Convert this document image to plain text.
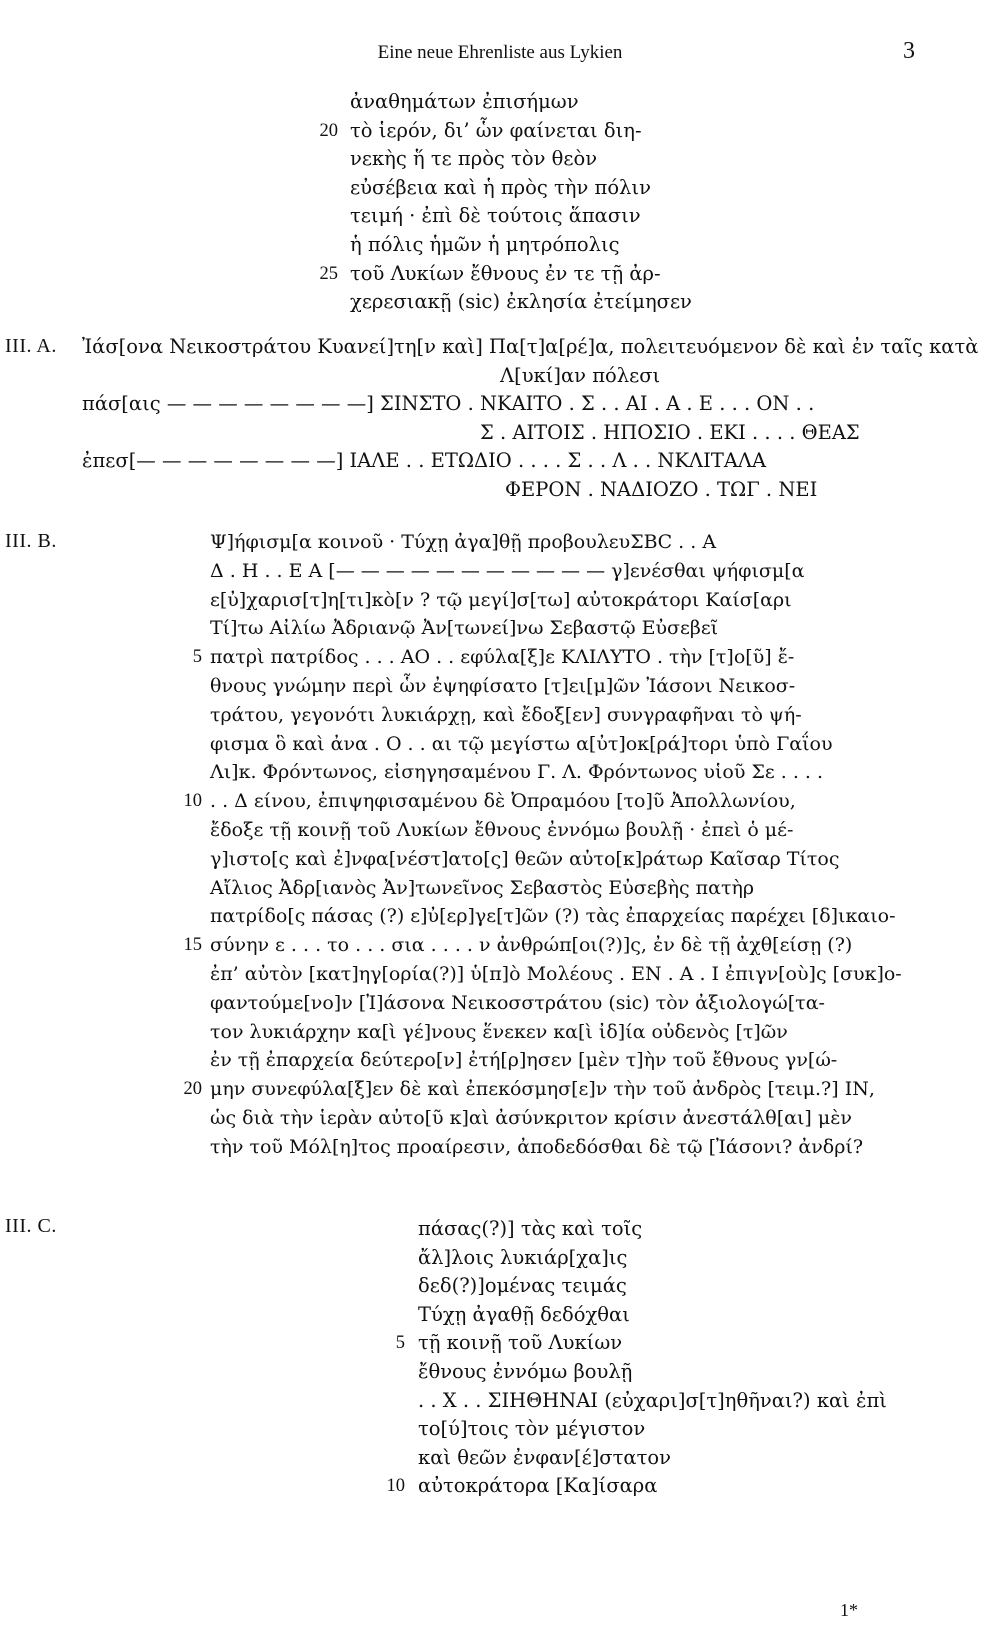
Eine neue Ehrenliste aus Lykien	3
ἀναθημάτων ἐπισήμων
20 τὸ ἱερόν, δι’ ὧν φαίνεται διη-
νεκὴς ἥ τε πρὸς τὸν θεὸν
εὐσέβεια καὶ ἡ πρὸς τὴν πόλιν
τειμή · ἐπὶ δὲ τούτοις ἅπασιν
ἡ πόλις ἡμῶν ἡ μητρόπολις
25 τοῦ Λυκίων ἔθνους ἐν τε τῇ ἀρ-
χερεσιακῇ (sic) ἐκλησία ἐτείμησεν
Ἰάσ[ονα Νεικοστράτου Κυανεί]τη[ν καὶ] Πα[τ]α[ρέ]α, πολειτευόμενον δὲ καὶ ἐν ταῖς κατὰ
Λ[υκί]αν πόλεσι
πάσ[αις — — — — — — — —] ΣΙΝΣΤΟ . ΝΚΑΙΤΟ . Σ . . ΑΙ . Α . Ε . . . ΟΝ . .
Σ . ΑΙΤΟΙΣ . ΗΠΟΣΙΟ . ΕΚΙ . . . . ΘΕΑΣ
ἐπεσ[— — — — — — — —] ΙΑΛΕ . . ΕΤΩΔΙΟ . . . . Σ . . Λ . . ΝΚΛΙΤΑΛΑ
ΦΕΡΟΝ . ΝΑΔΙΟΖΟ . ΤΩΓ . ΝΕΙ
Ψ]ήφισμ[α κοινοῦ · Τύχῃ ἀγα]θῇ προβουλευΣΒC . . Α
Δ . Η . . Ε Α [— — — — — — — — — — — γ]ενέσθαι ψήφισμ[α
ε[ὐ]χαρισ[τ]η[τι]κὸ[ν ? τῷ μεγί]σ[τω] αὐτοκράτορι Καίσ[αρι
Τί]τω Αἰλίω Ἀδριανῷ Ἀν[τωνεί]νω Σεβαστῷ Εὐσεβεῖ
5 πατρὶ πατρίδος . . . ΑΟ . . εφύλα[ξ]ε ΚΛΙΛΥΤΟ . τὴν [τ]ο[ῦ] ἔ-
θνους γνώμην περὶ ὧν ἐψηφίσατο [τ]ει[μ]ῶν Ἰάσονι Νεικοσ-
τράτου, γεγονότι λυκιάρχῃ, καὶ ἔδοξ[εν] συνγραφῆναι τὸ ψή-
φισμα ὃ καὶ ἀνα . Ο . . αι τῷ μεγίστω α[ὐτ]οκ[ρά]τορι ὑπὸ Γαΐου
Λι]κ. Φρόντωνος, εἰσηγησαμένου Γ. Λ. Φρόντωνος υἱοῦ Σε . . . .
10 . . Δ είνου, ἐπιψηφισαμένου δὲ Ὀπραμόου [το]ῦ Ἀπολλωνίου,
ἔδοξε τῇ κοινῇ τοῦ Λυκίων ἔθνους ἐννόμω βουλῇ · ἐπεὶ ὁ μέ-
γ]ιστο[ς καὶ ἐ]νφα[νέστ]ατο[ς] θεῶν αὐτο[κ]ράτωρ Καῖσαρ Τίτος
Αἴλιος Ἀδρ[ιανὸς Ἀν]τωνεῖνος Σεβαστὸς Εὐσεβὴς πατὴρ
πατρίδο[ς πάσας (?) ε]ὐ[ερ]γε[τ]ῶν (?) τὰς ἐπαρχείας παρέχει [δ]ικαιο-
15 σύνην ε . . . το . . . σια . . . . ν ἀνθρώπ[οι(?)]ς, ἐν δὲ τῇ ἀχθ[είσῃ (?)
ἐπ’ αὐτὸν [κατ]ηγ[ορία(?)] ὑ[π]ὸ Μολέους . ΕΝ . Α . Ι ἐπιγν[οὺ]ς [συκ]ο-
φαντούμε[νο]ν [Ἰ]άσονα Νεικοσστράτου (sic) τὸν ἀξιολογώ[τα-
τον λυκιάρχην κα[ὶ γέ]νους ἕνεκεν κα[ὶ ἰδ]ία οὐδενὸς [τ]ῶν
ἐν τῇ ἐπαρχεία δεύτερο[ν] ἐτή[ρ]ησεν [μὲν τ]ὴν τοῦ ἔθνους γν[ώ-
20 μην συνεφύλα[ξ]εν δὲ καὶ ἐπεκόσμησ[ε]ν τὴν τοῦ ἀνδρὸς [τειμ.?] ΙΝ,
ὡς διὰ τὴν ἱερὰν αὐτο[ῦ κ]αὶ ἀσύνκριτον κρίσιν ἀνεστάλθ[αι] μὲν
τὴν τοῦ Μόλ[η]τος προαίρεσιν, ἀποδεδόσθαι δὲ τῷ [Ἰάσονι? ἀνδρί?
πάσας(?)] τὰς καὶ τοῖς
ἄλ]λοις λυκιάρ[χα]ις
δεδ(?)]ομένας τειμάς
Τύχῃ ἀγαθῇ δεδόχθαι
5 τῇ κοινῇ τοῦ Λυκίων
ἔθνους ἐννόμω βουλῇ
. . Χ . . ΣΙΗΘΗΝΑΙ (εὐχαρι]σ[τ]ηθῆναι?) καὶ ἐπὶ
το[ύ]τοις τὸν μέγιστον
καὶ θεῶν ἐνφαν[έ]στατον
10 αὐτοκράτορα [Κα]ίσαρα
III. A.
III. B.
III. C.
1*
